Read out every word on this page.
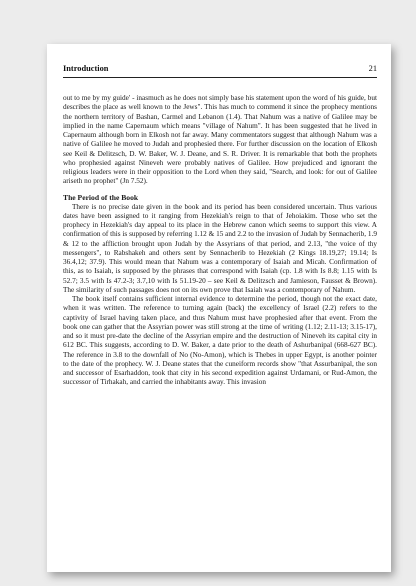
Introduction	21

out to me by my guide' - inasmuch as he does not simply base his statement upon the word of his guide, but describes the place as well known to the Jews". This has much to commend it since the prophecy mentions the northern territory of Bashan, Carmel and Lebanon (1.4). That Nahum was a native of Galilee may be implied in the name Capernaum which means "village of Nahum". It has been suggested that he lived in Capernaum although born in Elkosh not far away. Many commentators suggest that although Nahum was a native of Galilee he moved to Judah and prophesied there. For further discussion on the location of Elkosh see Keil & Delitzsch, D. W. Baker, W. J. Deane, and S. R. Driver. It is remarkable that both the prophets who prophesied against Nineveh were probably natives of Galilee. How prejudiced and ignorant the religious leaders were in their opposition to the Lord when they said, "Search, and look: for out of Galilee ariseth no prophet" (Jn 7.52).

The Period of the Book

There is no precise date given in the book and its period has been considered uncertain. Thus various dates have been assigned to it ranging from Hezekiah's reign to that of Jehoiakim. Those who set the prophecy in Hezekiah's day appeal to its place in the Hebrew canon which seems to support this view. A confirmation of this is supposed by referring 1.12 & 15 and 2.2 to the invasion of Judah by Sennacherib, 1.9 & 12 to the affliction brought upon Judah by the Assyrians of that period, and 2.13, "the voice of thy messengers", to Rabshakeh and others sent by Sennacherib to Hezekiah (2 Kings 18.19,27; 19.14; Is 36.4,12; 37.9). This would mean that Nahum was a contemporary of Isaiah and Micah. Confirmation of this, as to Isaiah, is supposed by the phrases that correspond with Isaiah (cp. 1.8 with Is 8.8; 1.15 with Is 52.7; 3.5 with Is 47.2-3; 3.7,10 with Is 51.19-20 – see Keil & Delitzsch and Jamieson, Fausset & Brown). The similarity of such passages does not on its own prove that Isaiah was a contemporary of Nahum.

The book itself contains sufficient internal evidence to determine the period, though not the exact date, when it was written. The reference to turning again (back) the excellency of Israel (2.2) refers to the captivity of Israel having taken place, and thus Nahum must have prophesied after that event. From the book one can gather that the Assyrian power was still strong at the time of writing (1.12; 2.11-13; 3.15-17), and so it must pre-date the decline of the Assyrian empire and the destruction of Nineveh its capital city in 612 BC. This suggests, according to D. W. Baker, a date prior to the death of Ashurbanipal (668-627 BC). The reference in 3.8 to the downfall of No (No-Amon), which is Thebes in upper Egypt, is another pointer to the date of the prophecy. W. J. Deane states that the cuneiform records show "that Assurbanipal, the son and successor of Esarhaddon, took that city in his second expedition against Urdamani, or Rud-Amon, the successor of Tirhakah, and carried the inhabitants away. This invasion
